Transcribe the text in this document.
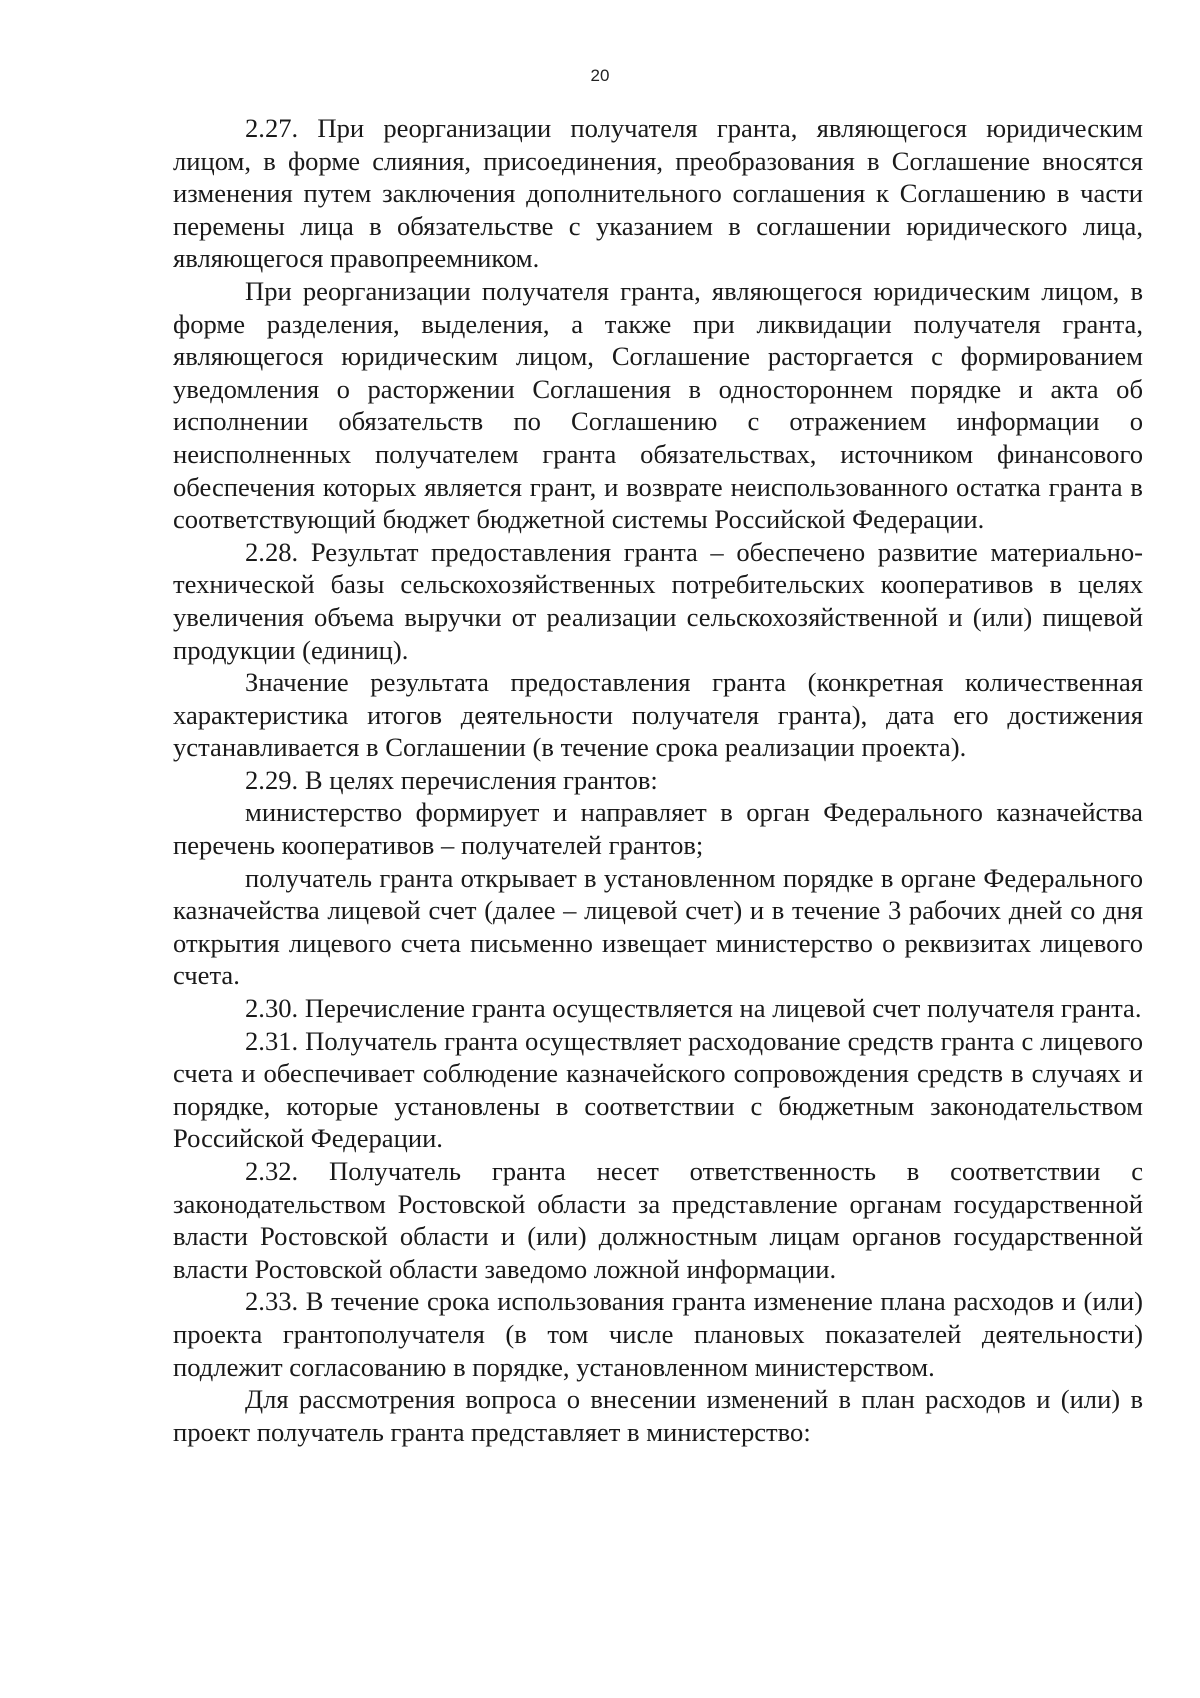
20

2.27. При реорганизации получателя гранта, являющегося юридическим лицом, в форме слияния, присоединения, преобразования в Соглашение вносятся изменения путем заключения дополнительного соглашения к Соглашению в части перемены лица в обязательстве с указанием в соглашении юридического лица, являющегося правопреемником.

При реорганизации получателя гранта, являющегося юридическим лицом, в форме разделения, выделения, а также при ликвидации получателя гранта, являющегося юридическим лицом, Соглашение расторгается с формированием уведомления о расторжении Соглашения в одностороннем порядке и акта об исполнении обязательств по Соглашению с отражением информации о неисполненных получателем гранта обязательствах, источником финансового обеспечения которых является грант, и возврате неиспользованного остатка гранта в соответствующий бюджет бюджетной системы Российской Федерации.

2.28. Результат предоставления гранта – обеспечено развитие материально-технической базы сельскохозяйственных потребительских кооперативов в целях увеличения объема выручки от реализации сельскохозяйственной и (или) пищевой продукции (единиц).

Значение результата предоставления гранта (конкретная количественная характеристика итогов деятельности получателя гранта), дата его достижения устанавливается в Соглашении (в течение срока реализации проекта).

2.29. В целях перечисления грантов:

министерство формирует и направляет в орган Федерального казначейства перечень кооперативов – получателей грантов;

получатель гранта открывает в установленном порядке в органе Федерального казначейства лицевой счет (далее – лицевой счет) и в течение 3 рабочих дней со дня открытия лицевого счета письменно извещает министерство о реквизитах лицевого счета.

2.30. Перечисление гранта осуществляется на лицевой счет получателя гранта.

2.31. Получатель гранта осуществляет расходование средств гранта с лицевого счета и обеспечивает соблюдение казначейского сопровождения средств в случаях и порядке, которые установлены в соответствии с бюджетным законодательством Российской Федерации.

2.32. Получатель гранта несет ответственность в соответствии с законодательством Ростовской области за представление органам государственной власти Ростовской области и (или) должностным лицам органов государственной власти Ростовской области заведомо ложной информации.

2.33. В течение срока использования гранта изменение плана расходов и (или) проекта грантополучателя (в том числе плановых показателей деятельности) подлежит согласованию в порядке, установленном министерством.

Для рассмотрения вопроса о внесении изменений в план расходов и (или) в проект получатель гранта представляет в министерство:
